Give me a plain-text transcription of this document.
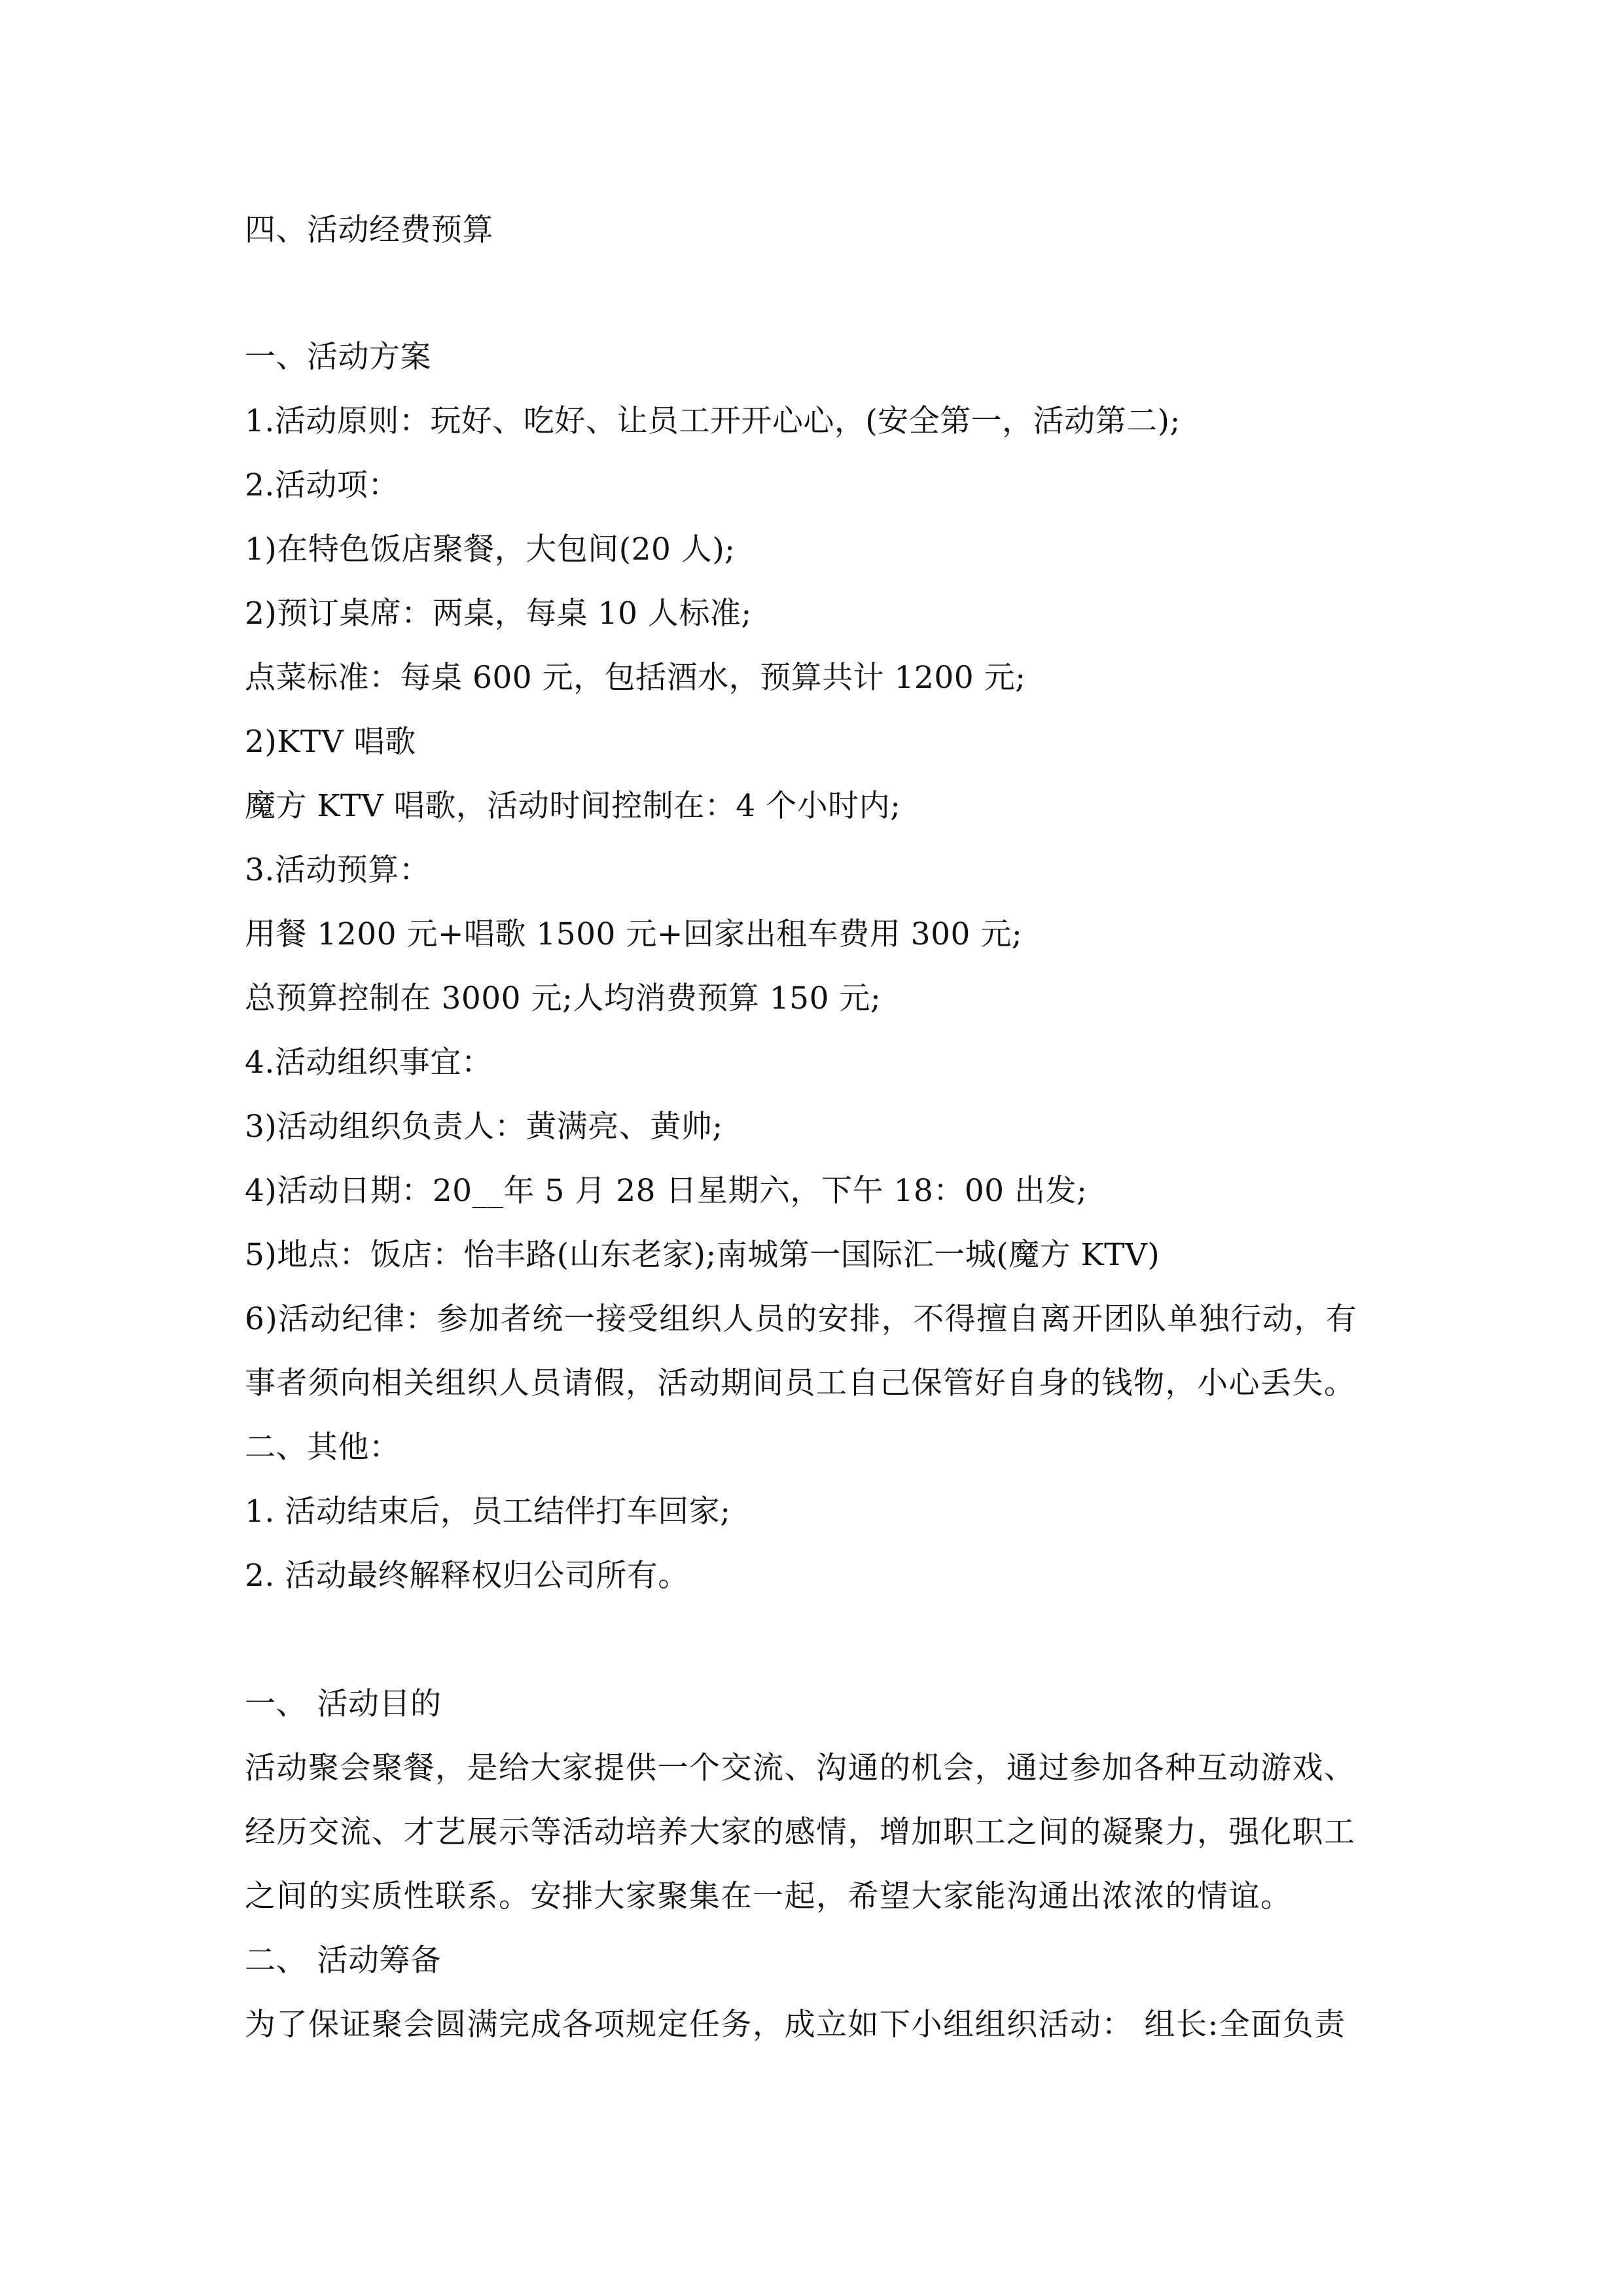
四、活动经费预算
一、活动方案
1.活动原则：玩好、吃好、让员工开开心心，(安全第一，活动第二);
2.活动项：
1)在特色饭店聚餐，大包间(20 人);
2)预订桌席：两桌，每桌 10 人标准;
点菜标准：每桌 600 元，包括酒水，预算共计 1200 元;
2)KTV 唱歌
魔方 KTV 唱歌，活动时间控制在：4 个小时内;
3.活动预算：
用餐 1200 元+唱歌 1500 元+回家出租车费用 300 元;
总预算控制在 3000 元;人均消费预算 150 元;
4.活动组织事宜：
3)活动组织负责人：黄满亮、黄帅;
4)活动日期：20__年 5 月 28 日星期六，下午 18：00 出发;
5)地点：饭店：怡丰路(山东老家);南城第一国际汇一城(魔方 KTV)
6)活动纪律：参加者统一接受组织人员的安排，不得擅自离开团队单独行动，有
事者须向相关组织人员请假，活动期间员工自己保管好自身的钱物，小心丢失。
二、其他：
1. 活动结束后，员工结伴打车回家;
2. 活动最终解释权归公司所有。
一、 活动目的
活动聚会聚餐，是给大家提供一个交流、沟通的机会，通过参加各种互动游戏、
经历交流、才艺展示等活动培养大家的感情，增加职工之间的凝聚力，强化职工
之间的实质性联系。安排大家聚集在一起，希望大家能沟通出浓浓的情谊。
二、 活动筹备
为了保证聚会圆满完成各项规定任务，成立如下小组组织活动： 组长:全面负责
